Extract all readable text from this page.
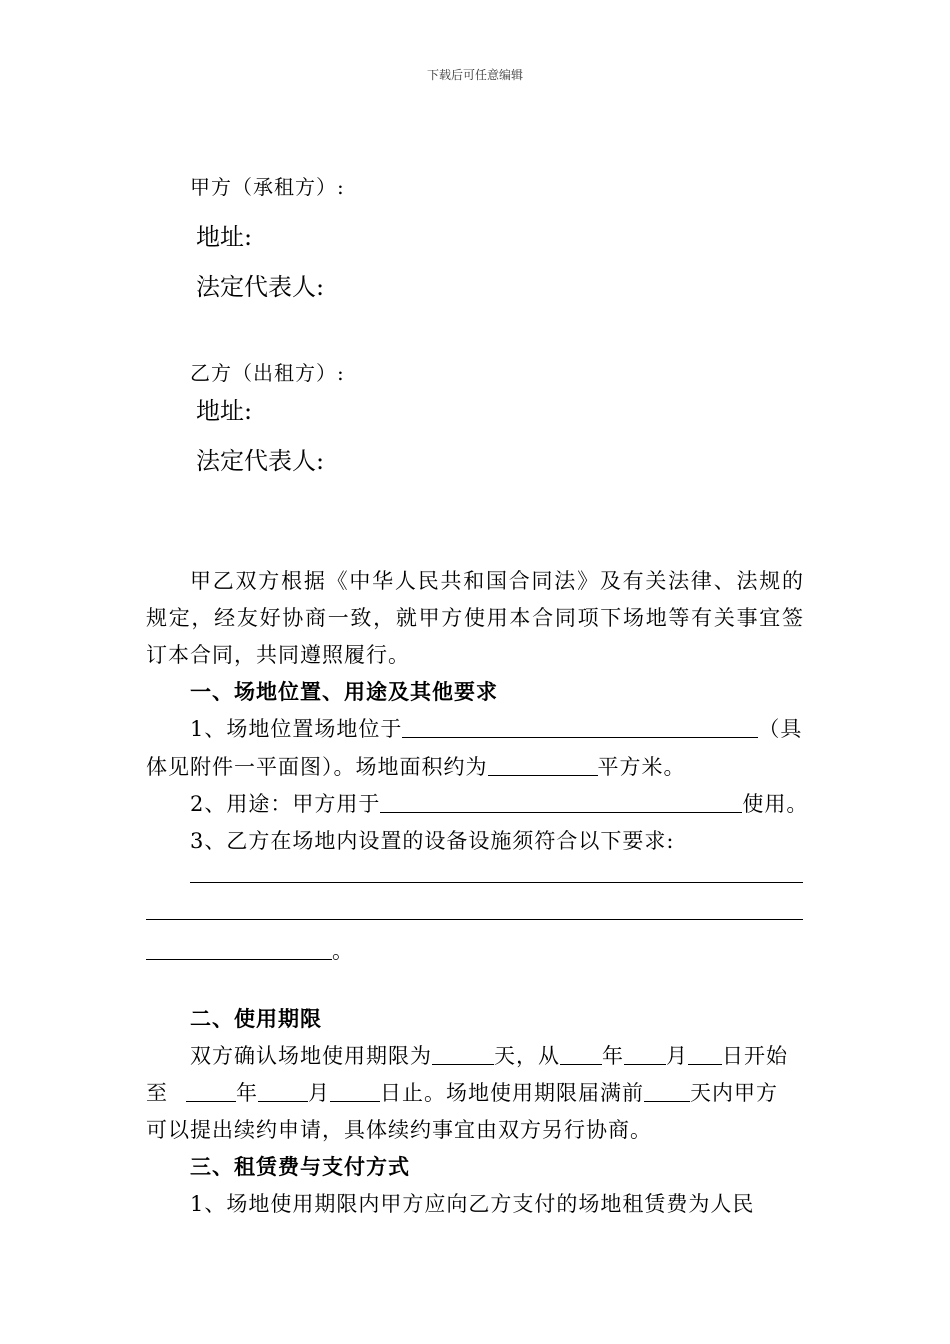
下载后可任意编辑
甲方（承租方）:
地址:
法定代表人:
乙方（出租方）:
地址:
法定代表人:
甲乙双方根据《中华人民共和国合同法》及有关法律、法规的
规定，经友好协商一致，就甲方使用本合同项下场地等有关事宜签
订本合同，共同遵照履行。
一、场地位置、用途及其他要求
1、场地位置场地位于	（具
体见附件一平面图）。场地面积约为	平方米。
2、用途：甲方用于	使用。
3、乙方在场地内设置的设备设施须符合以下要求:
。
二、使用期限
双方确认场地使用期限为	天，从 年 月 日开始
至	年 月 日止。场地使用期限届满前 天内甲方
可以提出续约申请，具体续约事宜由双方另行协商。
三、租赁费与支付方式
1、场地使用期限内甲方应向乙方支付的场地租赁费为人民
